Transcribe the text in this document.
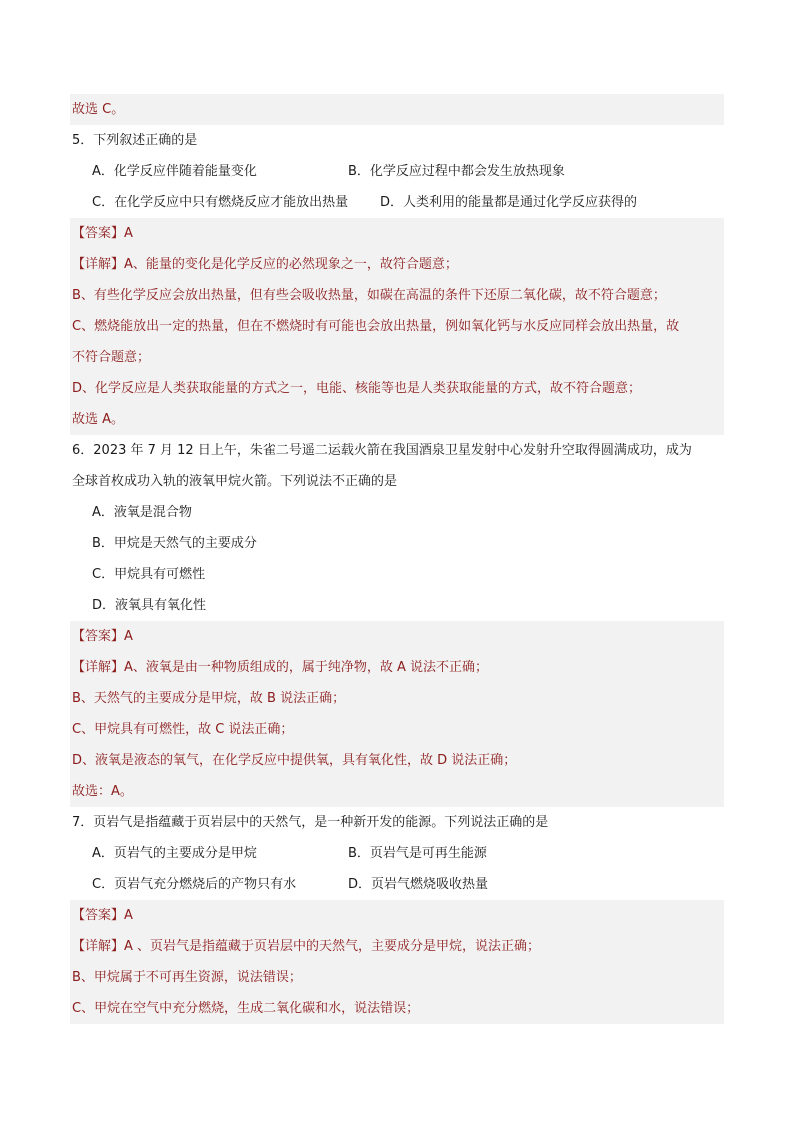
故选 C。
5．下列叙述正确的是
A．化学反应伴随着能量变化	B．化学反应过程中都会发生放热现象
C．在化学反应中只有燃烧反应才能放出热量	D．人类利用的能量都是通过化学反应获得的
【答案】A
【详解】A、能量的变化是化学反应的必然现象之一，故符合题意；
B、有些化学反应会放出热量，但有些会吸收热量，如碳在高温的条件下还原二氧化碳，故不符合题意；
C、燃烧能放出一定的热量，但在不燃烧时有可能也会放出热量，例如氧化钙与水反应同样会放出热量，故
不符合题意；
D、化学反应是人类获取能量的方式之一，电能、核能等也是人类获取能量的方式，故不符合题意；
故选 A。
6．2023 年 7 月 12 日上午，朱雀二号遥二运载火箭在我国酒泉卫星发射中心发射升空取得圆满成功，成为
全球首枚成功入轨的液氧甲烷火箭。下列说法不正确的是
A．液氧是混合物
B．甲烷是天然气的主要成分
C．甲烷具有可燃性
D．液氧具有氧化性
【答案】A
【详解】A、液氧是由一种物质组成的，属于纯净物，故 A 说法不正确；
B、天然气的主要成分是甲烷，故 B 说法正确；
C、甲烷具有可燃性，故 C 说法正确；
D、液氧是液态的氧气，在化学反应中提供氧，具有氧化性，故 D 说法正确；
故选：A。
7．页岩气是指蕴藏于页岩层中的天然气，是一种新开发的能源。下列说法正确的是
A．页岩气的主要成分是甲烷	B．页岩气是可再生能源
C．页岩气充分燃烧后的产物只有水	D．页岩气燃烧吸收热量
【答案】A
【详解】A 、页岩气是指蕴藏于页岩层中的天然气，主要成分是甲烷，说法正确；
B、甲烷属于不可再生资源，说法错误；
C、甲烷在空气中充分燃烧，生成二氧化碳和水，说法错误；
